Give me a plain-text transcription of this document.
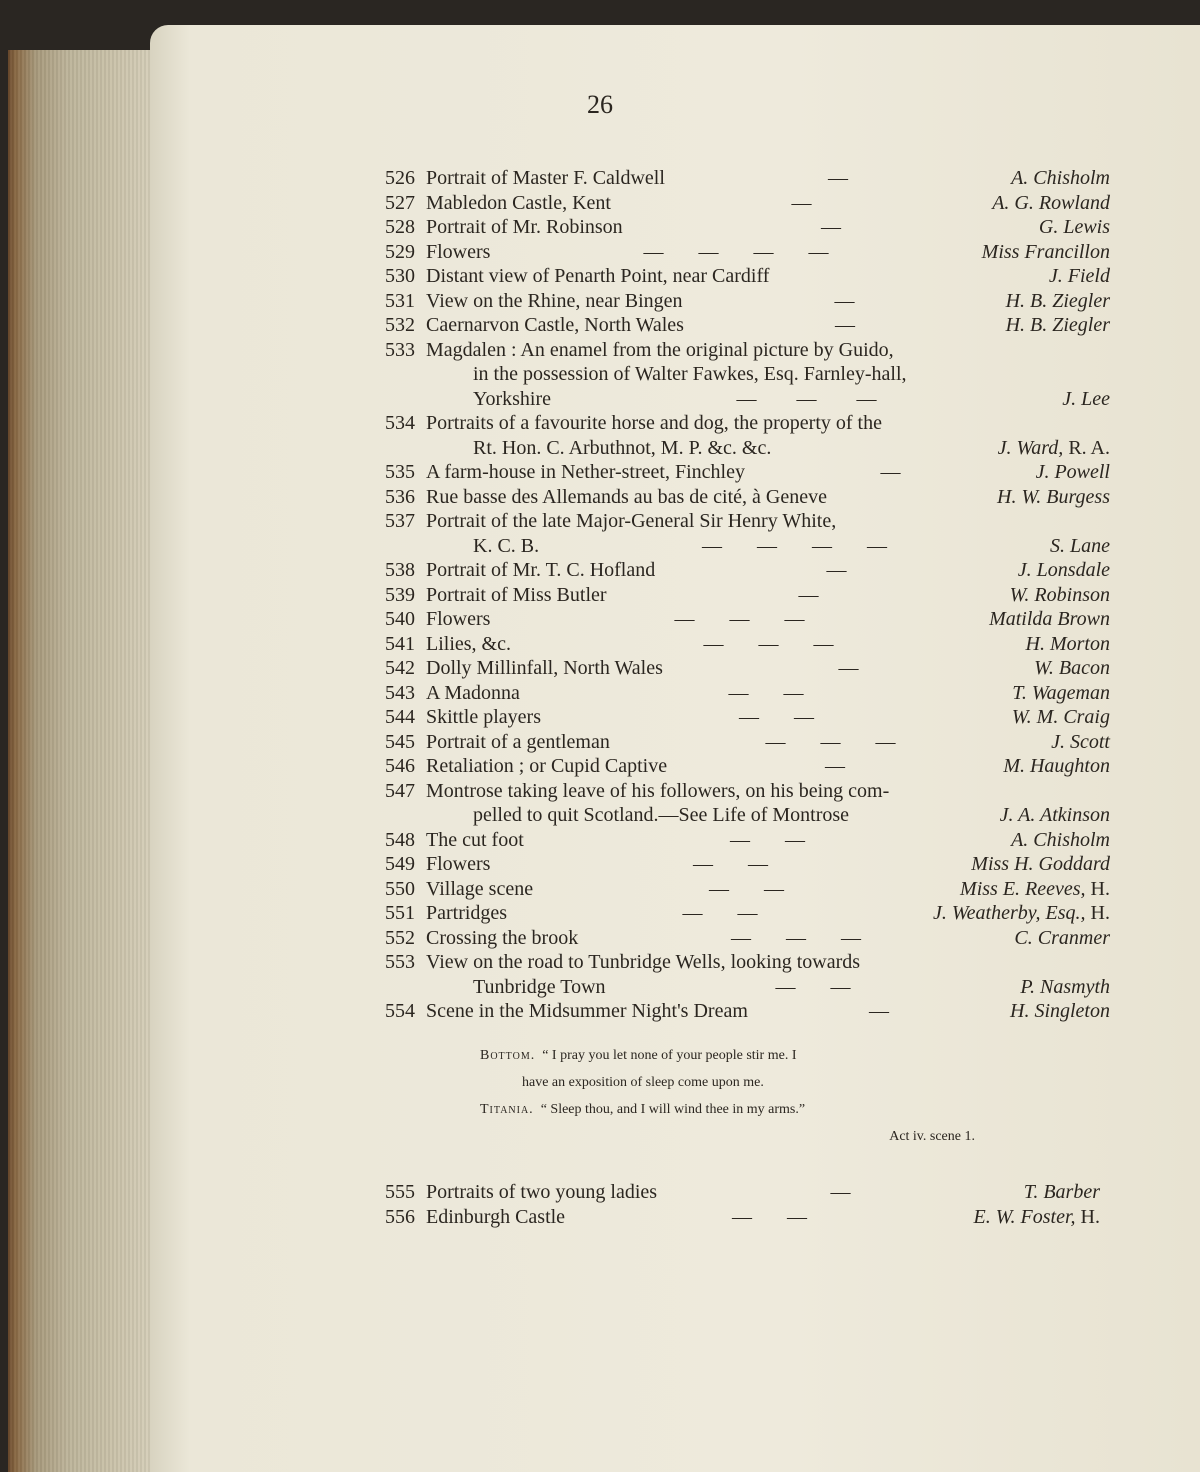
26
526 Portrait of Master F. Caldwell	—	A. Chisholm
527 Mabledon Castle, Kent	—	A. G. Rowland
528 Portrait of Mr. Robinson	—	G. Lewis
529 Flowers	—       —       —       —	Miss Francillon
530 Distant view of Penarth Point, near Cardiff	J. Field
531 View on the Rhine, near Bingen	—	H. B. Ziegler
532 Caernarvon Castle, North Wales	—	H. B. Ziegler
533 Magdalen : An enamel from the original picture by Guido,
in the possession of Walter Fawkes, Esq. Farnley-hall,
Yorkshire	—        —        —	J. Lee
534 Portraits of a favourite horse and dog, the property of the
Rt. Hon. C. Arbuthnot, M. P. &c. &c.	J. Ward, R. A.
535 A farm-house in Nether-street, Finchley	—	J. Powell
536 Rue basse des Allemands au bas de cité, à Geneve	H. W. Burgess
537 Portrait of the late Major-General Sir Henry White,
K. C. B.	—       —       —       —	S. Lane
538 Portrait of Mr. T. C. Hofland	—	J. Lonsdale
539 Portrait of Miss Butler	—	W. Robinson
540 Flowers	—       —       —	Matilda Brown
541 Lilies, &c.	—       —       —	H. Morton
542 Dolly Millinfall, North Wales	—	W. Bacon
543 A Madonna	—       —	T. Wageman
544 Skittle players	—       —	W. M. Craig
545 Portrait of a gentleman	—       —       —	J. Scott
546 Retaliation ; or Cupid Captive	—	M. Haughton
547 Montrose taking leave of his followers, on his being com-
pelled to quit Scotland.—See Life of Montrose	J. A. Atkinson
548 The cut foot	—       —	A. Chisholm
549 Flowers	—       —	Miss H. Goddard
550 Village scene	—       —	Miss E. Reeves, H.
551 Partridges	—       —	J. Weatherby, Esq., H.
552 Crossing the brook	—       —       —	C. Cranmer
553 View on the road to Tunbridge Wells, looking towards
Tunbridge Town	—       —	P. Nasmyth
554 Scene in the Midsummer Night's Dream	—	H. Singleton
Bottom. “ I pray you let none of your people stir me. I
have an exposition of sleep come upon me.
Titania. “ Sleep thou, and I will wind thee in my arms.”
Act iv. scene 1.
555 Portraits of two young ladies	—	T. Barber
556 Edinburgh Castle	—       —	E. W. Foster, H.
